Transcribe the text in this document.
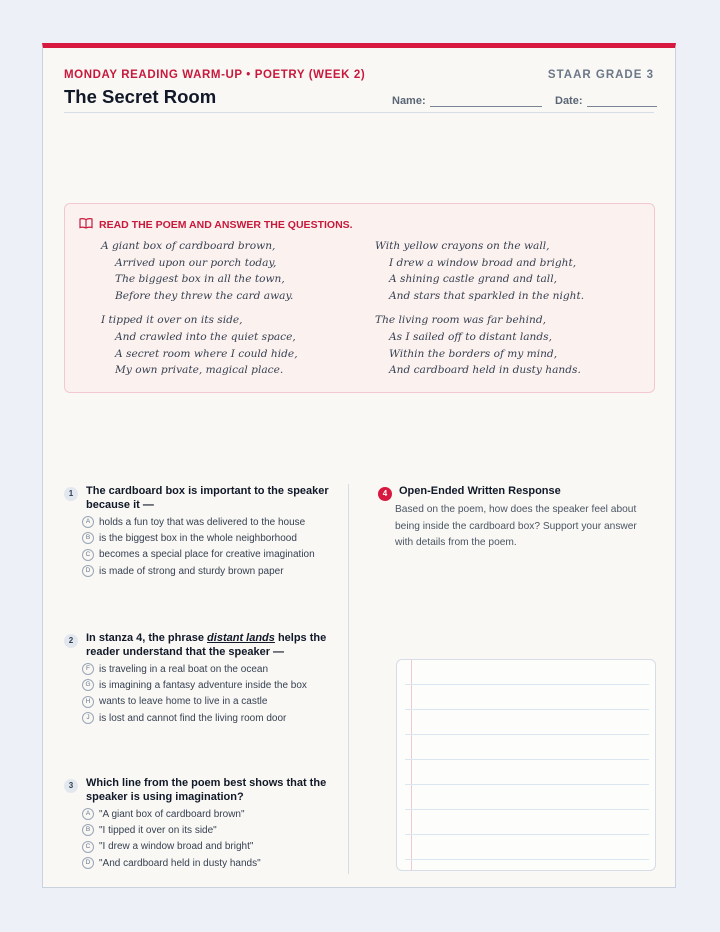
MONDAY READING WARM-UP • POETRY (WEEK 2)	STAAR GRADE 3
The Secret Room	Name:	Date:
READ THE POEM AND ANSWER THE QUESTIONS.
A giant box of cardboard brown,
Arrived upon our porch today,
The biggest box in all the town,
Before they threw the card away.
I tipped it over on its side,
And crawled into the quiet space,
A secret room where I could hide,
My own private, magical place.
With yellow crayons on the wall,
I drew a window broad and bright,
A shining castle grand and tall,
And stars that sparkled in the night.
The living room was far behind,
As I sailed off to distant lands,
Within the borders of my mind,
And cardboard held in dusty hands.
1	The cardboard box is important to the speaker because it —
A holds a fun toy that was delivered to the house
B is the biggest box in the whole neighborhood
C becomes a special place for creative imagination
D is made of strong and sturdy brown paper
2	In stanza 4, the phrase distant lands helps the reader understand that the speaker —
F is traveling in a real boat on the ocean
G is imagining a fantasy adventure inside the box
H wants to leave home to live in a castle
J is lost and cannot find the living room door
3	Which line from the poem best shows that the speaker is using imagination?
A "A giant box of cardboard brown"
B "I tipped it over on its side"
C "I drew a window broad and bright"
D "And cardboard held in dusty hands"
4	Open-Ended Written Response
Based on the poem, how does the speaker feel about being inside the cardboard box? Support your answer with details from the poem.
